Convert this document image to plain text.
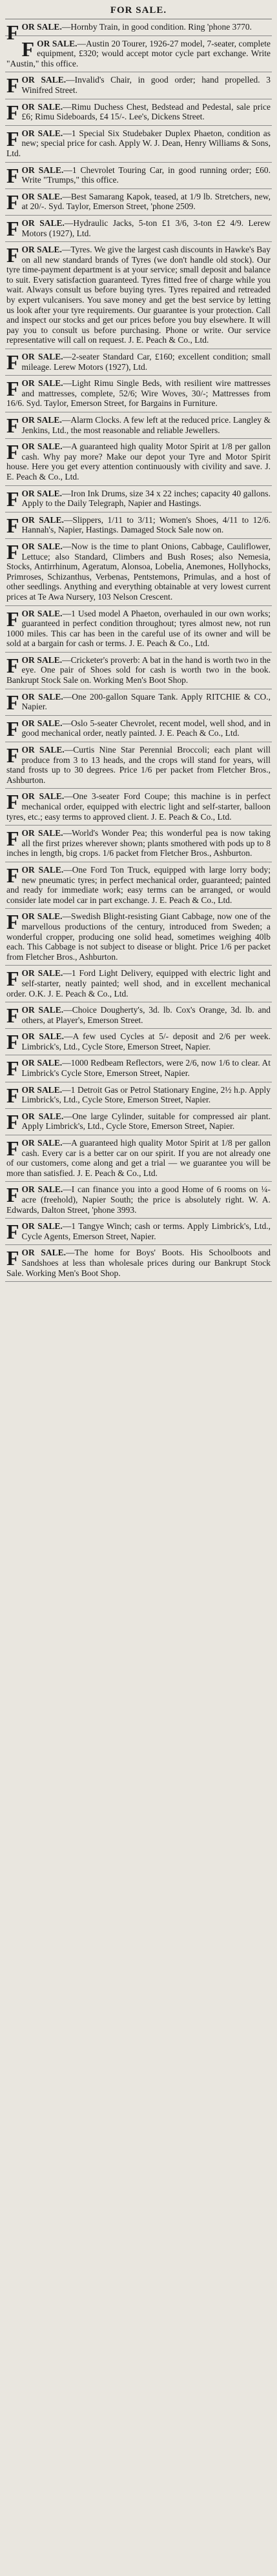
FOR SALE.
FOR SALE.—Hornby Train, in good condition. Ring 'phone 3770.
FOR SALE.—Austin 20 Tourer, 1926-27 model, 7-seater, complete equipment, £320; would accept motor cycle part exchange. Write "Austin," this office.
FOR SALE.—Invalid's Chair, in good order; hand propelled. 3 Winifred Street.
FOR SALE.—Rimu Duchess Chest, Bedstead and Pedestal, sale price £6; Rimu Sideboards, £4 15/-. Lee's, Dickens Street.
FOR SALE.—1 Special Six Studebaker Duplex Phaeton, condition as new; special price for cash. Apply W. J. Dean, Henry Williams & Sons, Ltd.
FOR SALE.—1 Chevrolet Touring Car, in good running order; £60. Write "Trumps," this office.
FOR SALE.—Best Samarang Kapok, teased, at 1/9 lb. Stretchers, new, at 20/-. Syd. Taylor, Emerson Street, 'phone 2509.
FOR SALE.—Hydraulic Jacks, 5-ton £1 3/6, 3-ton £2 4/9. Lerew Motors (1927), Ltd.
FOR SALE.—Tyres. We give the largest cash discounts in Hawke's Bay on all new standard brands of Tyres (we don't handle old stock). Our tyre time-payment department is at your service; small deposit and balance to suit. Every satisfaction guaranteed. Tyres fitted free of charge while you wait. Always consult us before buying tyres. Tyres repaired and retreaded by expert vulcanisers. You save money and get the best service by letting us look after your tyre requirements. Our guarantee is your protection. Call and inspect our stocks and get our prices before you buy elsewhere. It will pay you to consult us before purchasing. Phone or write. Our service representative will call on request. J. E. Peach & Co., Ltd.
FOR SALE.—2-seater Standard Car, £160; excellent condition; small mileage. Lerew Motors (1927), Ltd.
FOR SALE.—Light Rimu Single Beds, with resilient wire mattresses and mattresses, complete, 52/6; Wire Woves, 30/-; Mattresses from 16/6. Syd. Taylor, Emerson Street, for Bargains in Furniture.
FOR SALE.—Alarm Clocks. A few left at the reduced price. Langley & Jenkins, Ltd., the most reasonable and reliable Jewellers.
FOR SALE.—A guaranteed high quality Motor Spirit at 1/8 per gallon cash. Why pay more? Make our depot your Tyre and Motor Spirit house. Here you get every attention continuously with civility and save. J. E. Peach & Co., Ltd.
FOR SALE.—Iron Ink Drums, size 34 x 22 inches; capacity 40 gallons. Apply to the Daily Telegraph, Napier and Hastings.
FOR SALE.—Slippers, 1/11 to 3/11; Women's Shoes, 4/11 to 12/6. Hannah's, Napier, Hastings. Damaged Stock Sale now on.
FOR SALE.—Now is the time to plant Onions, Cabbage, Cauliflower, Lettuce; also Standard, Climbers and Bush Roses; also Nemesia, Stocks, Antirrhinum, Ageratum, Alonsoa, Lobelia, Anemones, Hollyhocks, Primroses, Schizanthus, Verbenas, Pentstemons, Primulas, and a host of other seedlings. Anything and everything obtainable at very lowest current prices at Te Awa Nursery, 103 Nelson Crescent.
FOR SALE.—1 Used model A Phaeton, overhauled in our own works; guaranteed in perfect condition throughout; tyres almost new, not run 1000 miles. This car has been in the careful use of its owner and will be sold at a bargain for cash or terms. J. E. Peach & Co., Ltd.
FOR SALE.—Cricketer's proverb: A bat in the hand is worth two in the eye. One pair of Shoes sold for cash is worth two in the book. Bankrupt Stock Sale on. Working Men's Boot Shop.
FOR SALE.—One 200-gallon Square Tank. Apply RITCHIE & CO., Napier.
FOR SALE.—Oslo 5-seater Chevrolet, recent model, well shod, and in good mechanical order, neatly painted. J. E. Peach & Co., Ltd.
FOR SALE.—Curtis Nine Star Perennial Broccoli; each plant will produce from 3 to 13 heads, and the crops will stand for years, will stand frosts up to 30 degrees. Price 1/6 per packet from Fletcher Bros., Ashburton.
FOR SALE.—One 3-seater Ford Coupe; this machine is in perfect mechanical order, equipped with electric light and self-starter, balloon tyres, etc.; easy terms to approved client. J. E. Peach & Co., Ltd.
FOR SALE.—World's Wonder Pea; this wonderful pea is now taking all the first prizes wherever shown; plants smothered with pods up to 8 inches in length, big crops. 1/6 packet from Fletcher Bros., Ashburton.
FOR SALE.—One Ford Ton Truck, equipped with large lorry body; new pneumatic tyres; in perfect mechanical order, guaranteed; painted and ready for immediate work; easy terms can be arranged, or would consider late model car in part exchange. J. E. Peach & Co., Ltd.
FOR SALE.—Swedish Blight-resisting Giant Cabbage, now one of the marvellous productions of the century, introduced from Sweden; a wonderful cropper, producing one solid head, sometimes weighing 40lb each. This Cabbage is not subject to disease or blight. Price 1/6 per packet from Fletcher Bros., Ashburton.
FOR SALE.—1 Ford Light Delivery, equipped with electric light and self-starter, neatly painted; well shod, and in excellent mechanical order. O.K. J. E. Peach & Co., Ltd.
FOR SALE.—Choice Dougherty's, 3d. lb. Cox's Orange, 3d. lb. and others, at Player's, Emerson Street.
FOR SALE.—A few used Cycles at 5/- deposit and 2/6 per week. Limbrick's, Ltd., Cycle Store, Emerson Street, Napier.
FOR SALE.—1000 Redbeam Reflectors, were 2/6, now 1/6 to clear. At Limbrick's Cycle Store, Emerson Street, Napier.
FOR SALE.—1 Detroit Gas or Petrol Stationary Engine, 2½ h.p. Apply Limbrick's, Ltd., Cycle Store, Emerson Street, Napier.
FOR SALE.—One large Cylinder, suitable for compressed air plant. Apply Limbrick's, Ltd., Cycle Store, Emerson Street, Napier.
FOR SALE.—A guaranteed high quality Motor Spirit at 1/8 per gallon cash. Every car is a better car on our spirit. If you are not already one of our customers, come along and get a trial — we guarantee you will be more than satisfied. J. E. Peach & Co., Ltd.
FOR SALE.—I can finance you into a good Home of 6 rooms on ¼-acre (freehold), Napier South; the price is absolutely right. W. A. Edwards, Dalton Street, 'phone 3993.
FOR SALE.—1 Tangye Winch; cash or terms. Apply Limbrick's, Ltd., Cycle Agents, Emerson Street, Napier.
FOR SALE.—The home for Boys' Boots. His Schoolboots and Sandshoes at less than wholesale prices during our Bankrupt Stock Sale. Working Men's Boot Shop.
